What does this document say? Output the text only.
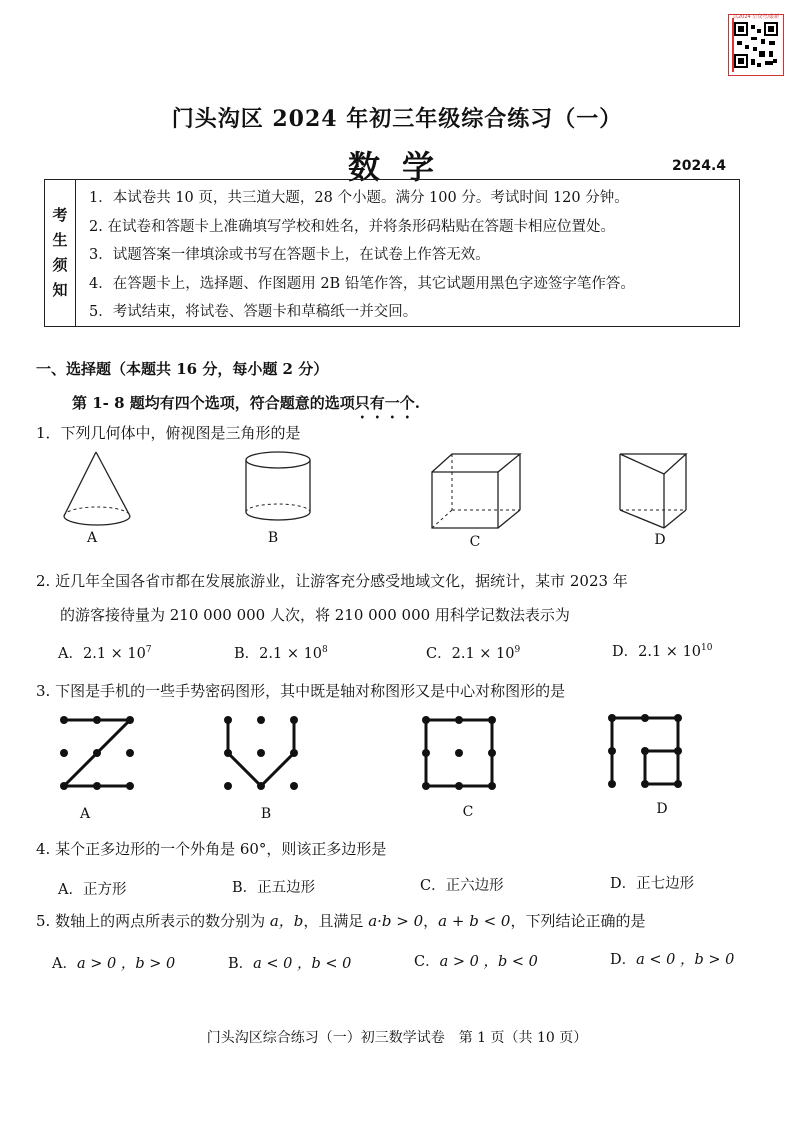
以2024 公众号/最新
门头沟区 2024 年初三年级综合练习（一）
数学	2024.4
考
生
须
知
1．本试卷共 10 页，共三道大题，28 个小题。满分 100 分。考试时间 120 分钟。
2. 在试卷和答题卡上准确填写学校和姓名，并将条形码粘贴在答题卡相应位置处。
3．试题答案一律填涂或书写在答题卡上，在试卷上作答无效。
4．在答题卡上，选择题、作图题用 2B 铅笔作答，其它试题用黑色字迹签字笔作答。
5．考试结束，将试卷、答题卡和草稿纸一并交回。
一、选择题（本题共 16 分，每小题 2 分）
第 1- 8 题均有四个选项，符合题意的选项只有一个.
1．下列几何体中，俯视图是三角形的是
A	B	C	D
2. 近几年全国各省市都在发展旅游业，让游客充分感受地域文化，据统计，某市 2023 年
的游客接待量为 210 000 000 人次，将 210 000 000 用科学记数法表示为
A．$2.1 \times 10^7$	B．$2.1 \times 10^8$	C．$2.1 \times 10^9$	D．$2.1 \times 10^{10}$
3. 下图是手机的一些手势密码图形，其中既是轴对称图形又是中心对称图形的是
A	B	C	D
4. 某个正多边形的一个外角是 60°，则该正多边形是
A．正方形	B．正五边形	C．正六边形	D．正七边形
5. 数轴上的两点所表示的数分别为 a，b，且满足 a·b > 0，a + b < 0，下列结论正确的是
A．a > 0 ，b > 0	B．a < 0 ，b < 0	C．a > 0 ，b < 0	D．a < 0 ，b > 0
门头沟区综合练习（一）初三数学试卷　第 1 页（共 10 页）
